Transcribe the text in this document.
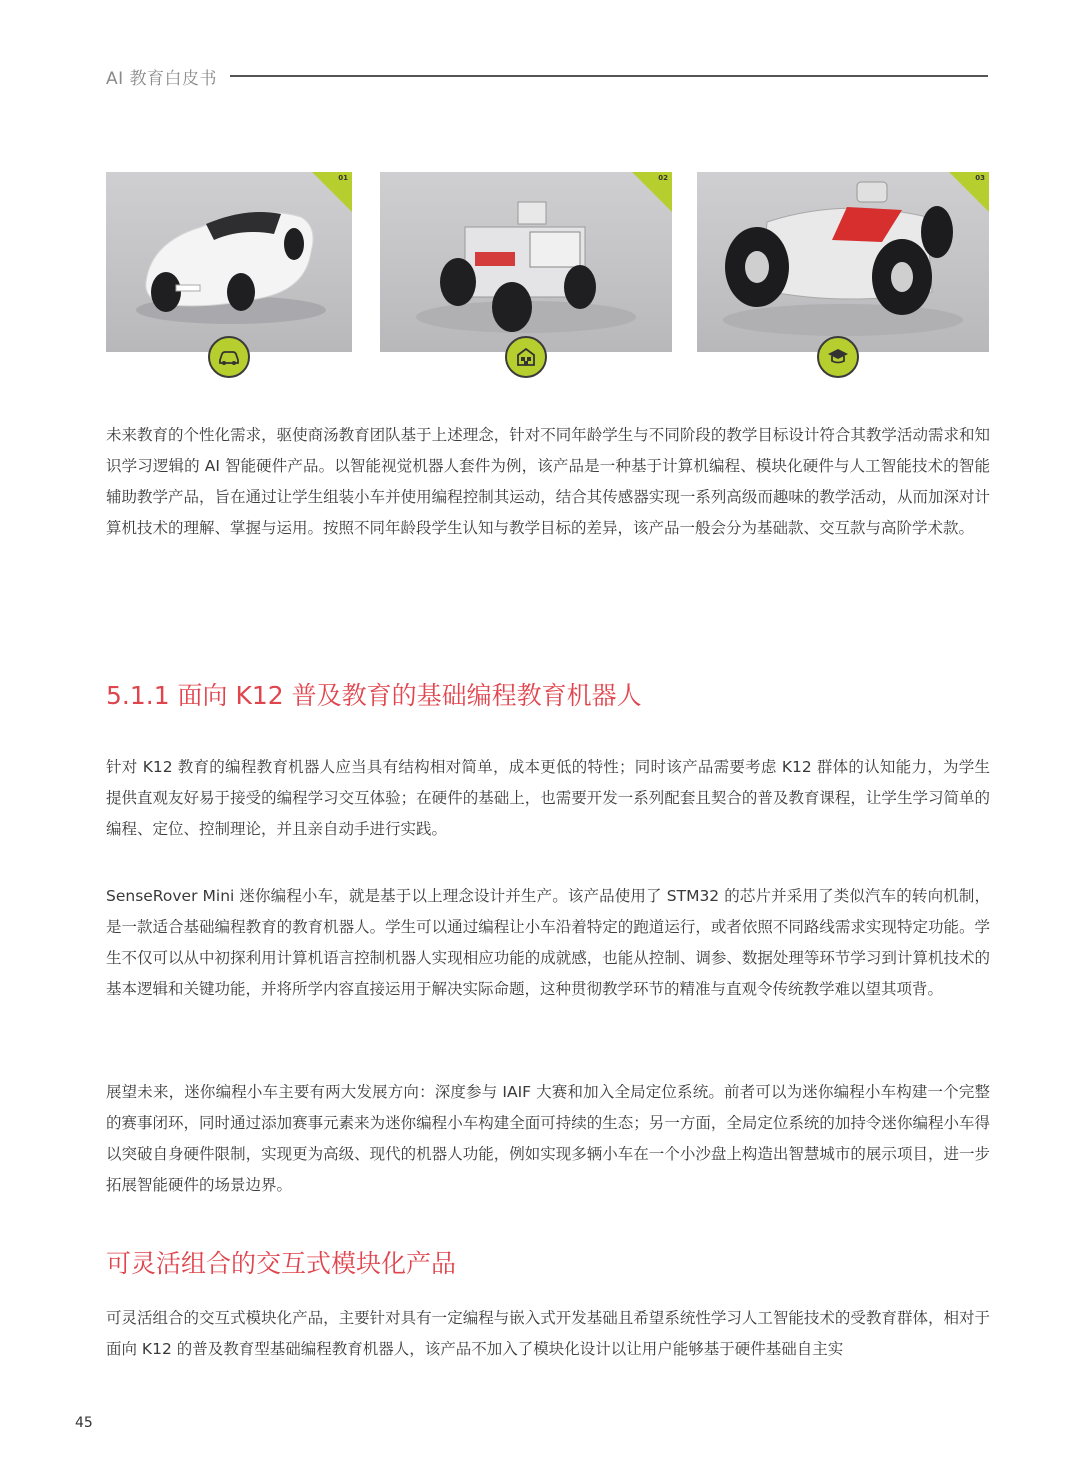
AI 教育白皮书
01	02	03
未来教育的个性化需求，驱使商汤教育团队基于上述理念，针对不同年龄学生与不同阶段的教学目标设计符合其教学活动需求和知识学习逻辑的 AI 智能硬件产品。以智能视觉机器人套件为例，该产品是一种基于计算机编程、模块化硬件与人工智能技术的智能辅助教学产品，旨在通过让学生组装小车并使用编程控制其运动，结合其传感器实现一系列高级而趣味的教学活动，从而加深对计算机技术的理解、掌握与运用。按照不同年龄段学生认知与教学目标的差异，该产品一般会分为基础款、交互款与高阶学术款。
5.1.1 面向 K12 普及教育的基础编程教育机器人
针对 K12 教育的编程教育机器人应当具有结构相对简单，成本更低的特性；同时该产品需要考虑 K12 群体的认知能力，为学生提供直观友好易于接受的编程学习交互体验；在硬件的基础上，也需要开发一系列配套且契合的普及教育课程，让学生学习简单的编程、定位、控制理论，并且亲自动手进行实践。
SenseRover Mini 迷你编程小车，就是基于以上理念设计并生产。该产品使用了 STM32 的芯片并采用了类似汽车的转向机制，是一款适合基础编程教育的教育机器人。学生可以通过编程让小车沿着特定的跑道运行，或者依照不同路线需求实现特定功能。学生不仅可以从中初探利用计算机语言控制机器人实现相应功能的成就感，也能从控制、调参、数据处理等环节学习到计算机技术的基本逻辑和关键功能，并将所学内容直接运用于解决实际命题，这种贯彻教学环节的精准与直观令传统教学难以望其项背。
展望未来，迷你编程小车主要有两大发展方向：深度参与 IAIF 大赛和加入全局定位系统。前者可以为迷你编程小车构建一个完整的赛事闭环，同时通过添加赛事元素来为迷你编程小车构建全面可持续的生态；另一方面，全局定位系统的加持令迷你编程小车得以突破自身硬件限制，实现更为高级、现代的机器人功能，例如实现多辆小车在一个小沙盘上构造出智慧城市的展示项目，进一步拓展智能硬件的场景边界。
可灵活组合的交互式模块化产品
可灵活组合的交互式模块化产品，主要针对具有一定编程与嵌入式开发基础且希望系统性学习人工智能技术的受教育群体，相对于面向 K12 的普及教育型基础编程教育机器人，该产品不加入了模块化设计以让用户能够基于硬件基础自主实
45
